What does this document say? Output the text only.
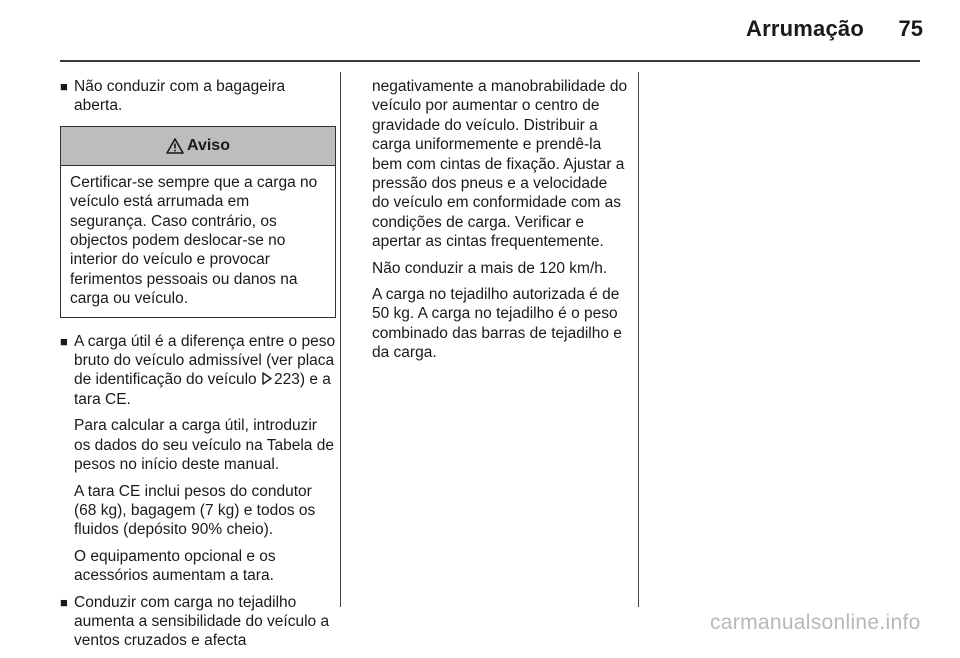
Arrumação 75
■ Não conduzir com a bagageira aberta.
Aviso
Certificar-se sempre que a carga no veículo está arrumada em segurança. Caso contrário, os objectos podem deslocar-se no interior do veículo e provocar ferimentos pessoais ou danos na carga ou veículo.
■ A carga útil é a diferença entre o peso bruto do veículo admissível (ver placa de identificação do veículo 223) e a tara CE.
Para calcular a carga útil, introduzir os dados do seu veículo na Tabela de pesos no início deste manual.
A tara CE inclui pesos do condutor (68 kg), bagagem (7 kg) e todos os fluidos (depósito 90% cheio).
O equipamento opcional e os acessórios aumentam a tara.
■ Conduzir com carga no tejadilho aumenta a sensibilidade do veículo a ventos cruzados e afecta
negativamente a manobrabilidade do veículo por aumentar o centro de gravidade do veículo. Distribuir a carga uniformemente e prendê-la bem com cintas de fixação. Ajustar a pressão dos pneus e a velocidade do veículo em conformidade com as condições de carga. Verificar e apertar as cintas frequentemente.
Não conduzir a mais de 120 km/h.
A carga no tejadilho autorizada é de 50 kg. A carga no tejadilho é o peso combinado das barras de tejadilho e da carga.
carmanualsonline.info
